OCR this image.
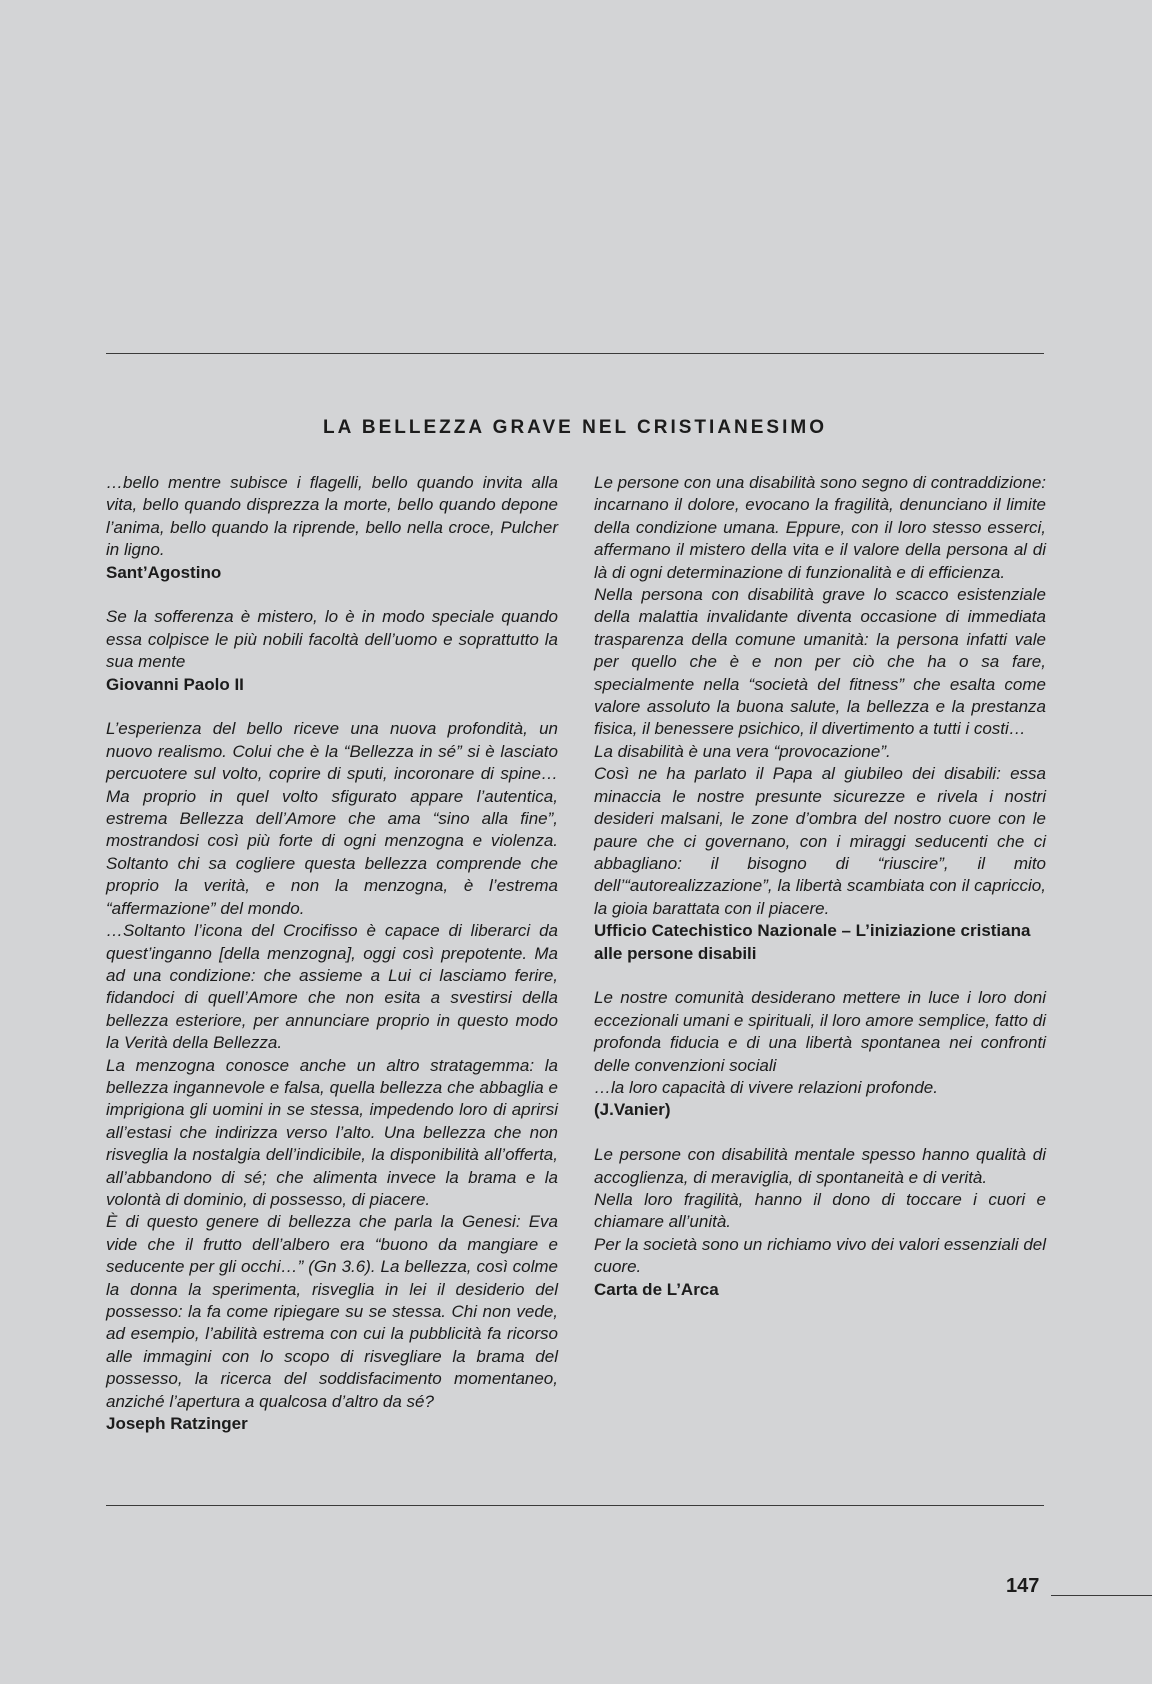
LA BELLEZZA GRAVE NEL CRISTIANESIMO

…bello mentre subisce i flagelli, bello quando invita alla vita, bello quando disprezza la morte, bello quando depone l’anima, bello quando la riprende, bello nella croce, Pulcher in ligno.

Sant’Agostino

Se la sofferenza è mistero, lo è in modo speciale quando essa colpisce le più nobili facoltà dell’uomo e soprattutto la sua mente

Giovanni Paolo II

L’esperienza del bello riceve una nuova profondità, un nuovo realismo. Colui che è la “Bellezza in sé” si è lasciato percuotere sul volto, coprire di sputi, incoronare di spine… Ma proprio in quel volto sfigurato appare l’autentica, estrema Bellezza dell’Amore che ama “sino alla fine”, mostrandosi così più forte di ogni menzogna e violenza. Soltanto chi sa cogliere questa bellezza comprende che proprio la verità, e non la menzogna, è l’estrema “affermazione” del mondo.

…Soltanto l’icona del Crocifisso è capace di liberarci da quest’inganno [della menzogna], oggi così prepotente. Ma ad una condizione: che assieme a Lui ci lasciamo ferire, fidandoci di quell’Amore che non esita a svestirsi della bellezza esteriore, per annunciare proprio in questo modo la Verità della Bellezza.

La menzogna conosce anche un altro stratagemma: la bellezza ingannevole e falsa, quella bellezza che abbaglia e imprigiona gli uomini in se stessa, impedendo loro di aprirsi all’estasi che indirizza verso l’alto. Una bellezza che non risveglia la nostalgia dell’indicibile, la disponibilità all’offerta, all’abbandono di sé; che alimenta invece la brama e la volontà di dominio, di possesso, di piacere.

È di questo genere di bellezza che parla la Genesi: Eva vide che il frutto dell’albero era “buono da mangiare e seducente per gli occhi…” (Gn 3.6). La bellezza, così colme la donna la sperimenta, risveglia in lei il desiderio del possesso: la fa come ripiegare su se stessa. Chi non vede, ad esempio, l’abilità estrema con cui la pubblicità fa ricorso alle immagini con lo scopo di risvegliare la brama del possesso, la ricerca del soddisfacimento momentaneo, anziché l’apertura a qualcosa d’altro da sé?

Joseph Ratzinger

Le persone con una disabilità sono segno di contraddizione: incarnano il dolore, evocano la fragilità, denunciano il limite della condizione umana. Eppure, con il loro stesso esserci, affermano il mistero della vita e il valore della persona al di là di ogni determinazione di funzionalità e di efficienza.

Nella persona con disabilità grave lo scacco esistenziale della malattia invalidante diventa occasione di immediata trasparenza della comune umanità: la persona infatti vale per quello che è e non per ciò che ha o sa fare, specialmente nella “società del fitness” che esalta come valore assoluto la buona salute, la bellezza e la prestanza fisica, il benessere psichico, il divertimento a tutti i costi…

La disabilità è una vera “provocazione”.

Così ne ha parlato il Papa al giubileo dei disabili: essa minaccia le nostre presunte sicurezze e rivela i nostri desideri malsani, le zone d’ombra del nostro cuore con le paure che ci governano, con i miraggi seducenti che ci abbagliano: il bisogno di “riuscire”, il mito dell’“autorealizzazione”, la libertà scambiata con il capriccio, la gioia barattata con il piacere.

Ufficio Catechistico Nazionale – L’iniziazione cristiana alle persone disabili

Le nostre comunità desiderano mettere in luce i loro doni eccezionali umani e spirituali, il loro amore semplice, fatto di profonda fiducia e di una libertà spontanea nei confronti delle convenzioni sociali

…la loro capacità di vivere relazioni profonde.

(J.Vanier)

Le persone con disabilità mentale spesso hanno qualità di accoglienza, di meraviglia, di spontaneità e di verità.

Nella loro fragilità, hanno il dono di toccare i cuori e chiamare all’unità.

Per la società sono un richiamo vivo dei valori essenziali del cuore.

Carta de L’Arca

147
